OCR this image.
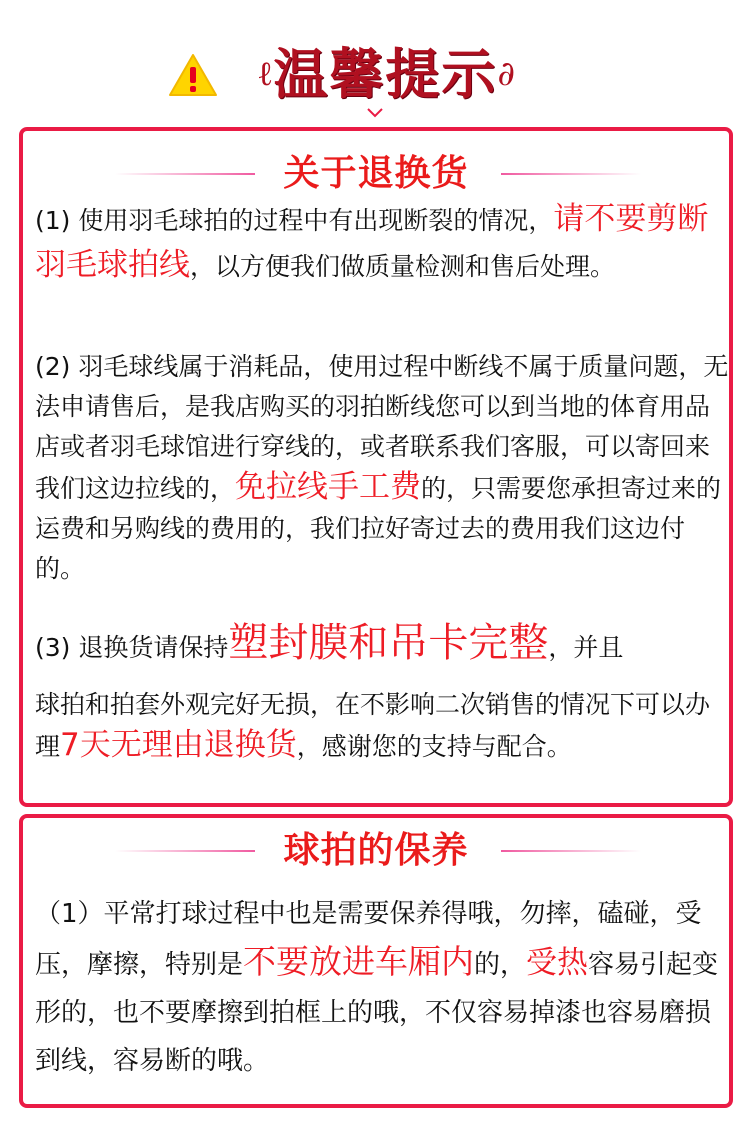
ℓ 温馨提示 ∂
关于退换货

(1) 使用羽毛球拍的过程中有出现断裂的情况，请不要剪断羽毛球拍线，以方便我们做质量检测和售后处理。

(2) 羽毛球线属于消耗品，使用过程中断线不属于质量问题，无法申请售后，是我店购买的羽拍断线您可以到当地的体育用品店或者羽毛球馆进行穿线的，或者联系我们客服，可以寄回来我们这边拉线的，免拉线手工费的，只需要您承担寄过来的运费和另购线的费用的，我们拉好寄过去的费用我们这边付的。

(3) 退换货请保持塑封膜和吊卡完整，并且

球拍和拍套外观完好无损，在不影响二次销售的情况下可以办理7天无理由退换货，感谢您的支持与配合。

球拍的保养

（1）平常打球过程中也是需要保养得哦，勿摔，磕碰，受压，摩擦，特别是不要放进车厢内的，受热容易引起变形的，也不要摩擦到拍框上的哦，不仅容易掉漆也容易磨损到线，容易断的哦。
